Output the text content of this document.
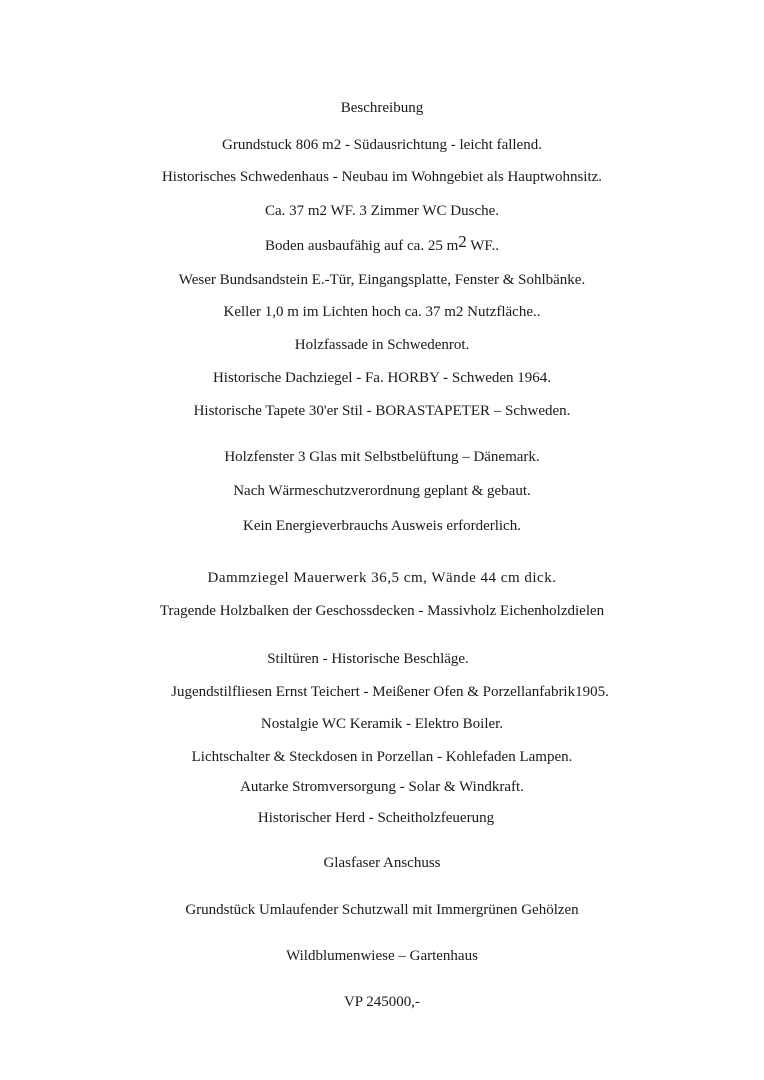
Beschreibung
Grundstuck 806 m2 - Südausrichtung - leicht fallend.
Historisches Schwedenhaus - Neubau im Wohngebiet als Hauptwohnsitz.
Ca. 37 m2 WF. 3 Zimmer WC Dusche.
Boden ausbaufähig auf ca. 25 m2 WF..
Weser Bundsandstein E.-Tür, Eingangsplatte, Fenster & Sohlbänke.
Keller 1,0 m im Lichten hoch ca. 37 m2 Nutzfläche..
Holzfassade in Schwedenrot.
Historische Dachziegel - Fa. HORBY - Schweden 1964.
Historische Tapete 30'er Stil - BORASTAPETER – Schweden.
Holzfenster 3 Glas mit Selbstbelüftung – Dänemark.
Nach Wärmeschutzverordnung geplant & gebaut.
Kein Energieverbrauchs Ausweis erforderlich.
Dammziegel Mauerwerk 36,5 cm, Wände 44 cm dick.
Tragende Holzbalken der Geschossdecken - Massivholz Eichenholzdielen
Stiltüren - Historische Beschläge.
Jugendstilfliesen Ernst Teichert - Meißener Ofen & Porzellanfabrik1905.
Nostalgie WC Keramik - Elektro Boiler.
Lichtschalter & Steckdosen in Porzellan - Kohlefaden Lampen.
Autarke Stromversorgung - Solar & Windkraft.
Historischer Herd - Scheitholzfeuerung
Glasfaser Anschuss
Grundstück Umlaufender Schutzwall mit Immergrünen Gehölzen
Wildblumenwiese – Gartenhaus
VP 245000,-
